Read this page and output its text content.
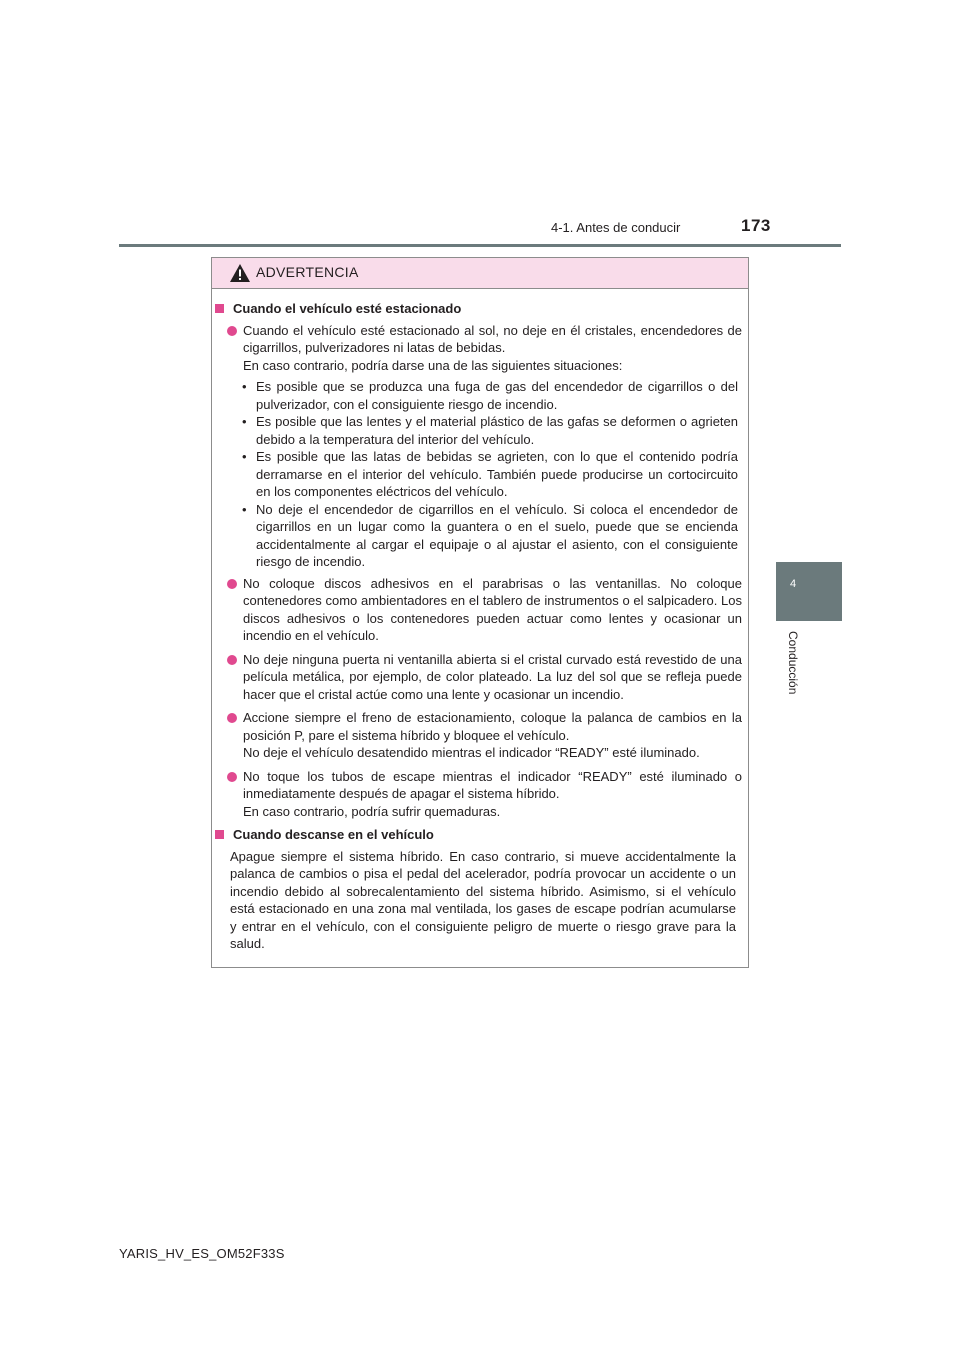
4-1. Antes de conducir	173
4
Conducción
ADVERTENCIA
Cuando el vehículo esté estacionado
Cuando el vehículo esté estacionado al sol, no deje en él cristales, encendedores de cigarrillos, pulverizadores ni latas de bebidas.
En caso contrario, podría darse una de las siguientes situaciones:
• Es posible que se produzca una fuga de gas del encendedor de cigarrillos o del pulverizador, con el consiguiente riesgo de incendio.
• Es posible que las lentes y el material plástico de las gafas se deformen o agrieten debido a la temperatura del interior del vehículo.
• Es posible que las latas de bebidas se agrieten, con lo que el contenido podría derramarse en el interior del vehículo. También puede producirse un cortocircuito en los componentes eléctricos del vehículo.
• No deje el encendedor de cigarrillos en el vehículo. Si coloca el encendedor de cigarrillos en un lugar como la guantera o en el suelo, puede que se encienda accidentalmente al cargar el equipaje o al ajustar el asiento, con el consiguiente riesgo de incendio.
No coloque discos adhesivos en el parabrisas o las ventanillas. No coloque contenedores como ambientadores en el tablero de instrumentos o el salpicadero. Los discos adhesivos o los contenedores pueden actuar como lentes y ocasionar un incendio en el vehículo.
No deje ninguna puerta ni ventanilla abierta si el cristal curvado está revestido de una película metálica, por ejemplo, de color plateado. La luz del sol que se refleja puede hacer que el cristal actúe como una lente y ocasionar un incendio.
Accione siempre el freno de estacionamiento, coloque la palanca de cambios en la posición P, pare el sistema híbrido y bloquee el vehículo.
No deje el vehículo desatendido mientras el indicador “READY” esté iluminado.
No toque los tubos de escape mientras el indicador “READY” esté iluminado o inmediatamente después de apagar el sistema híbrido.
En caso contrario, podría sufrir quemaduras.
Cuando descanse en el vehículo
Apague siempre el sistema híbrido. En caso contrario, si mueve accidentalmente la palanca de cambios o pisa el pedal del acelerador, podría provocar un accidente o un incendio debido al sobrecalentamiento del sistema híbrido. Asimismo, si el vehículo está estacionado en una zona mal ventilada, los gases de escape podrían acumularse y entrar en el vehículo, con el consiguiente peligro de muerte o riesgo grave para la salud.
YARIS_HV_ES_OM52F33S
